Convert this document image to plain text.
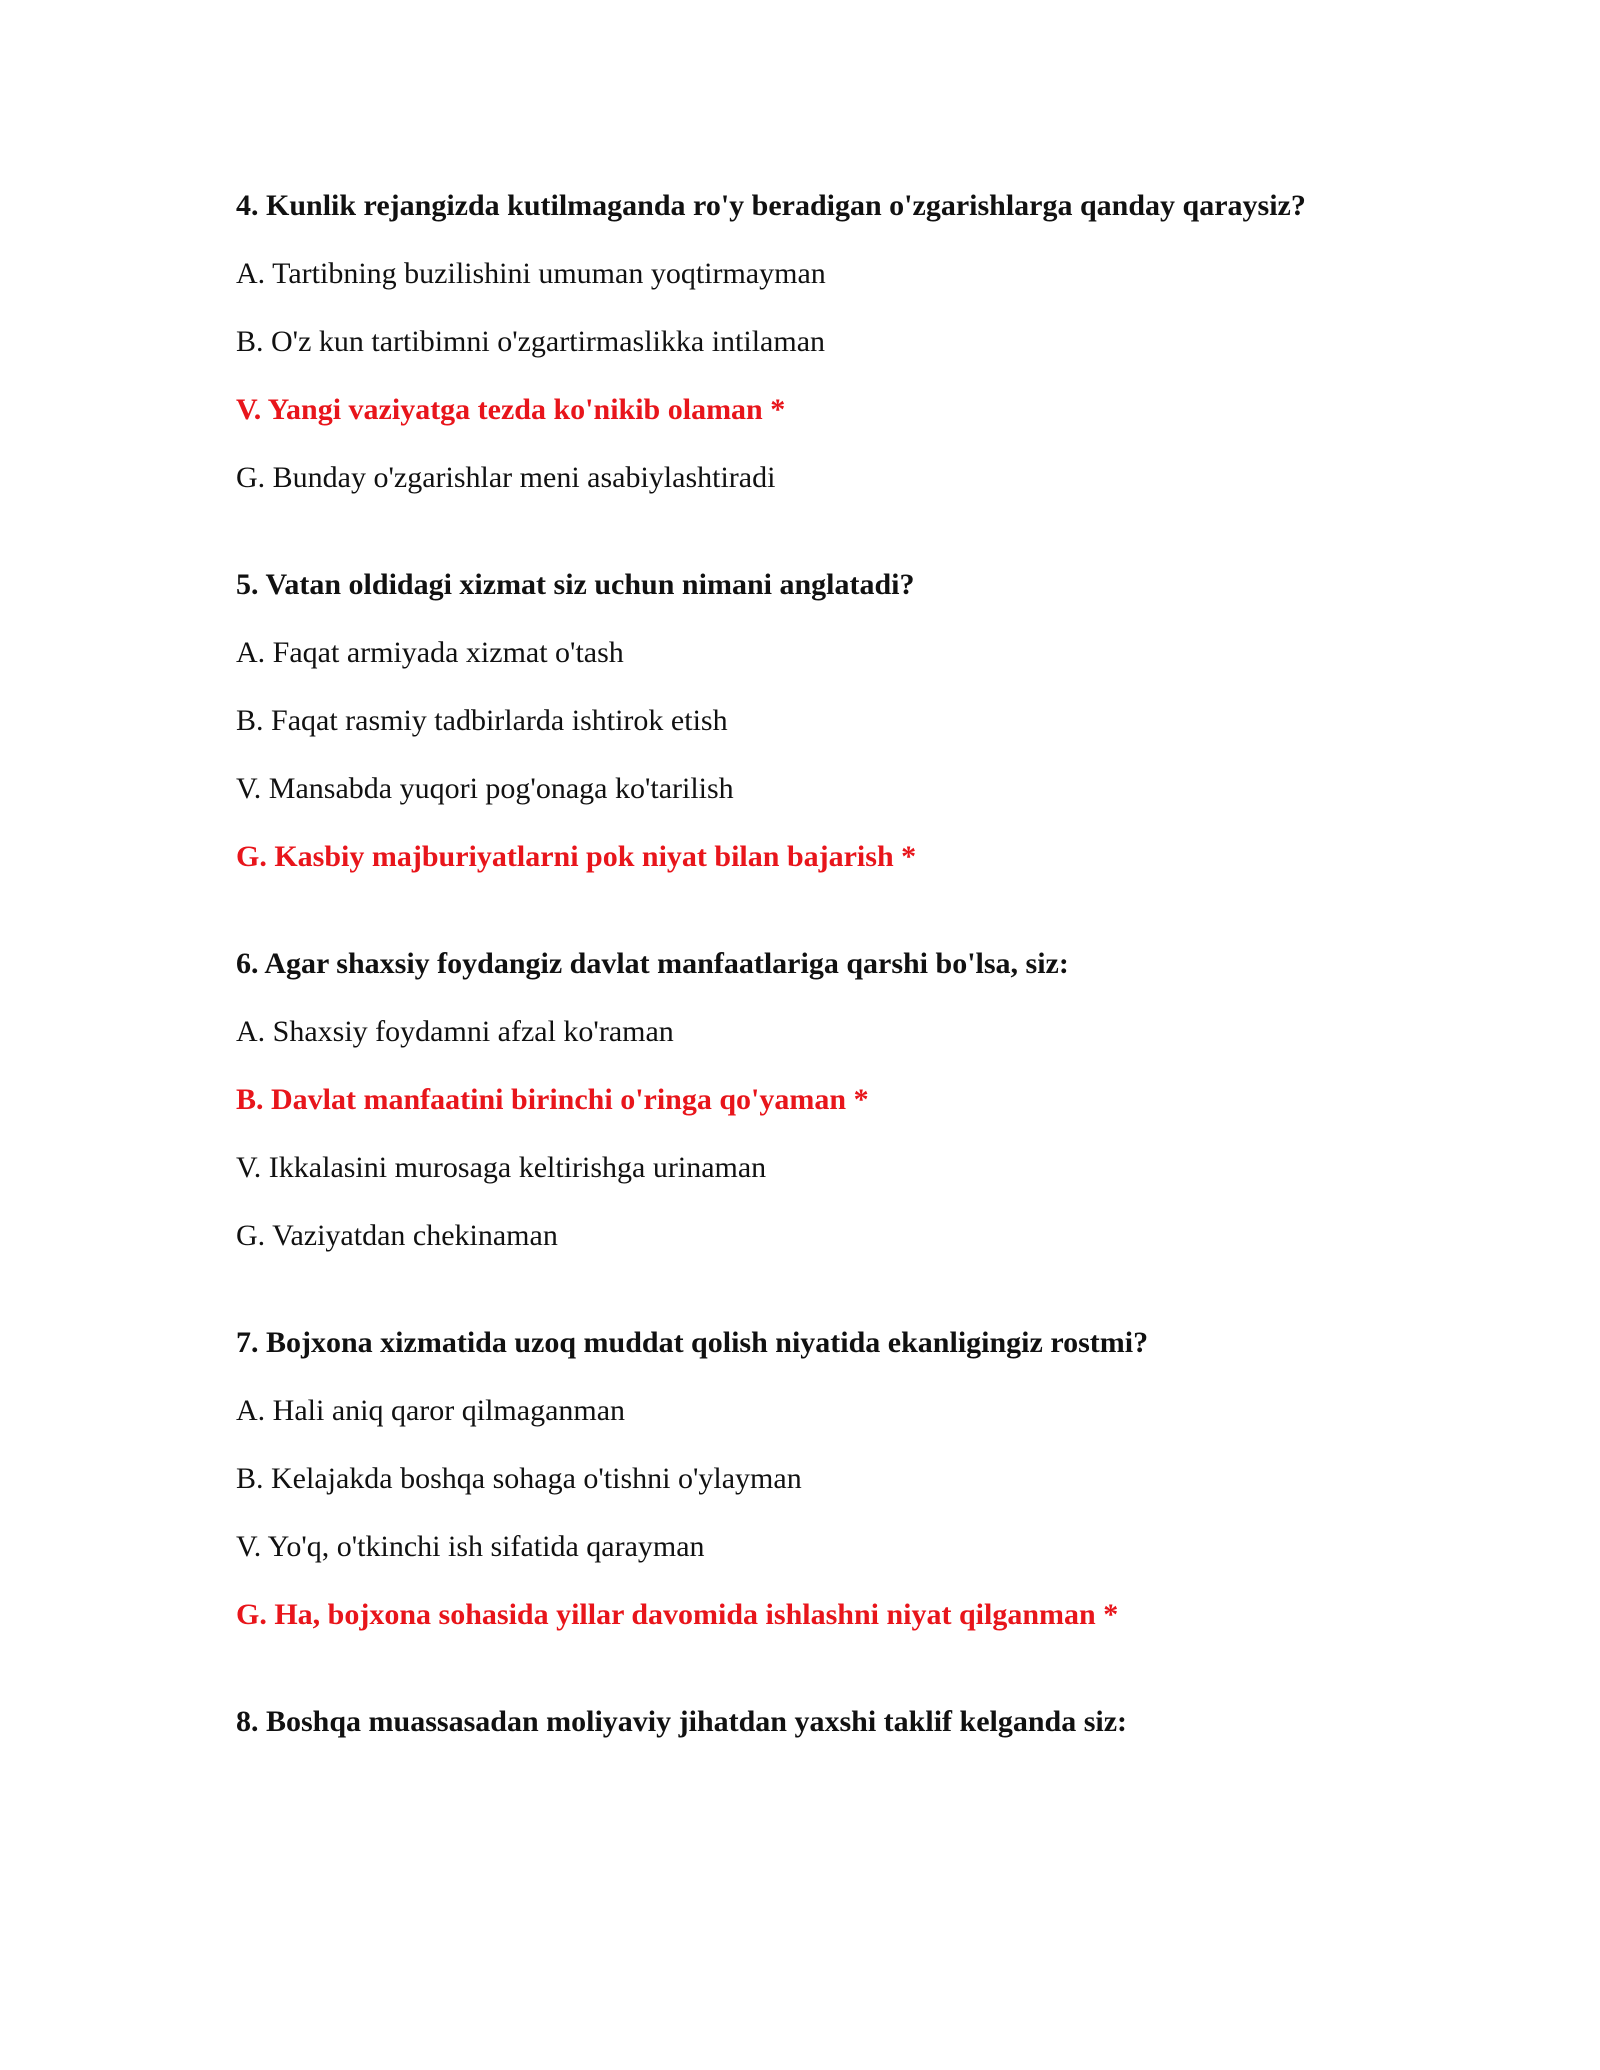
4. Kunlik rejangizda kutilmaganda ro'y beradigan o'zgarishlarga qanday qaraysiz?
A. Tartibning buzilishini umuman yoqtirmayman
B. O'z kun tartibimni o'zgartirmaslikka intilaman
V. Yangi vaziyatga tezda ko'nikib olaman *
G. Bunday o'zgarishlar meni asabiylashtiradi
5. Vatan oldidagi xizmat siz uchun nimani anglatadi?
A. Faqat armiyada xizmat o'tash
B. Faqat rasmiy tadbirlarda ishtirok etish
V. Mansabda yuqori pog'onaga ko'tarilish
G. Kasbiy majburiyatlarni pok niyat bilan bajarish *
6. Agar shaxsiy foydangiz davlat manfaatlariga qarshi bo'lsa, siz:
A. Shaxsiy foydamni afzal ko'raman
B. Davlat manfaatini birinchi o'ringa qo'yaman *
V. Ikkalasini murosaga keltirishga urinaman
G. Vaziyatdan chekinaman
7. Bojxona xizmatida uzoq muddat qolish niyatida ekanligingiz rostmi?
A. Hali aniq qaror qilmaganman
B. Kelajakda boshqa sohaga o'tishni o'ylayman
V. Yo'q, o'tkinchi ish sifatida qarayman
G. Ha, bojxona sohasida yillar davomida ishlashni niyat qilganman *
8. Boshqa muassasadan moliyaviy jihatdan yaxshi taklif kelganda siz:
